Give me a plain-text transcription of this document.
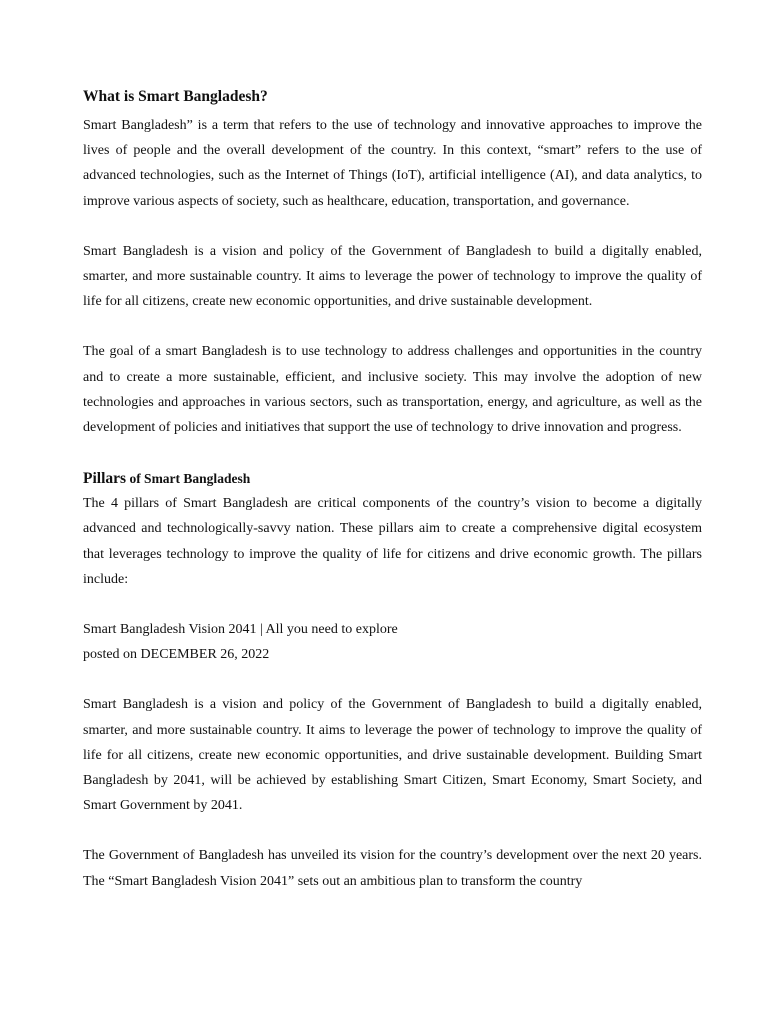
What is Smart Bangladesh?

Smart Bangladesh” is a term that refers to the use of technology and innovative approaches to improve the lives of people and the overall development of the country. In this context, “smart” refers to the use of advanced technologies, such as the Internet of Things (IoT), artificial intelligence (AI), and data analytics, to improve various aspects of society, such as healthcare, education, transportation, and governance.

Smart Bangladesh is a vision and policy of the Government of Bangladesh to build a digitally enabled, smarter, and more sustainable country. It aims to leverage the power of technology to improve the quality of life for all citizens, create new economic opportunities, and drive sustainable development.

The goal of a smart Bangladesh is to use technology to address challenges and opportunities in the country and to create a more sustainable, efficient, and inclusive society. This may involve the adoption of new technologies and approaches in various sectors, such as transportation, energy, and agriculture, as well as the development of policies and initiatives that support the use of technology to drive innovation and progress.

Pillars of Smart Bangladesh

The 4 pillars of Smart Bangladesh are critical components of the country’s vision to become a digitally advanced and technologically-savvy nation. These pillars aim to create a comprehensive digital ecosystem that leverages technology to improve the quality of life for citizens and drive economic growth. The pillars include:

Smart Bangladesh Vision 2041 | All you need to explore

posted on DECEMBER 26, 2022

Smart Bangladesh is a vision and policy of the Government of Bangladesh to build a digitally enabled, smarter, and more sustainable country. It aims to leverage the power of technology to improve the quality of life for all citizens, create new economic opportunities, and drive sustainable development. Building Smart Bangladesh by 2041, will be achieved by establishing Smart Citizen, Smart Economy, Smart Society, and Smart Government by 2041.

The Government of Bangladesh has unveiled its vision for the country’s development over the next 20 years. The “Smart Bangladesh Vision 2041” sets out an ambitious plan to transform the country
